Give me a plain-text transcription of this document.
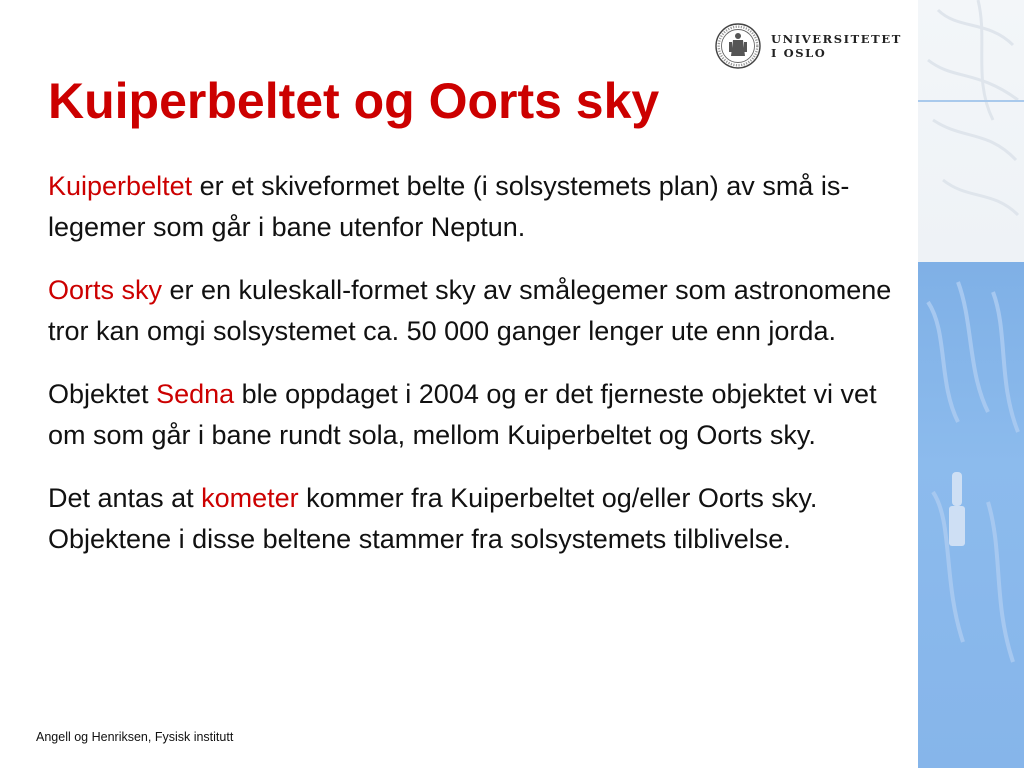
UNIVERSITETET
I OSLO
Kuiperbeltet og Oorts sky

Kuiperbeltet er et skiveformet belte (i solsystemets plan) av små is-legemer som går i bane utenfor Neptun.

Oorts sky er en kuleskall-formet sky av smålegemer som astronomene tror kan omgi solsystemet ca. 50 000 ganger lenger ute enn jorda.

Objektet Sedna ble oppdaget i 2004 og er det fjerneste objektet vi vet om som går i bane rundt sola, mellom Kuiperbeltet og Oorts sky.

Det antas at kometer kommer fra Kuiperbeltet og/eller Oorts sky. Objektene i disse beltene stammer fra solsystemets tilblivelse.

Angell og Henriksen, Fysisk institutt
